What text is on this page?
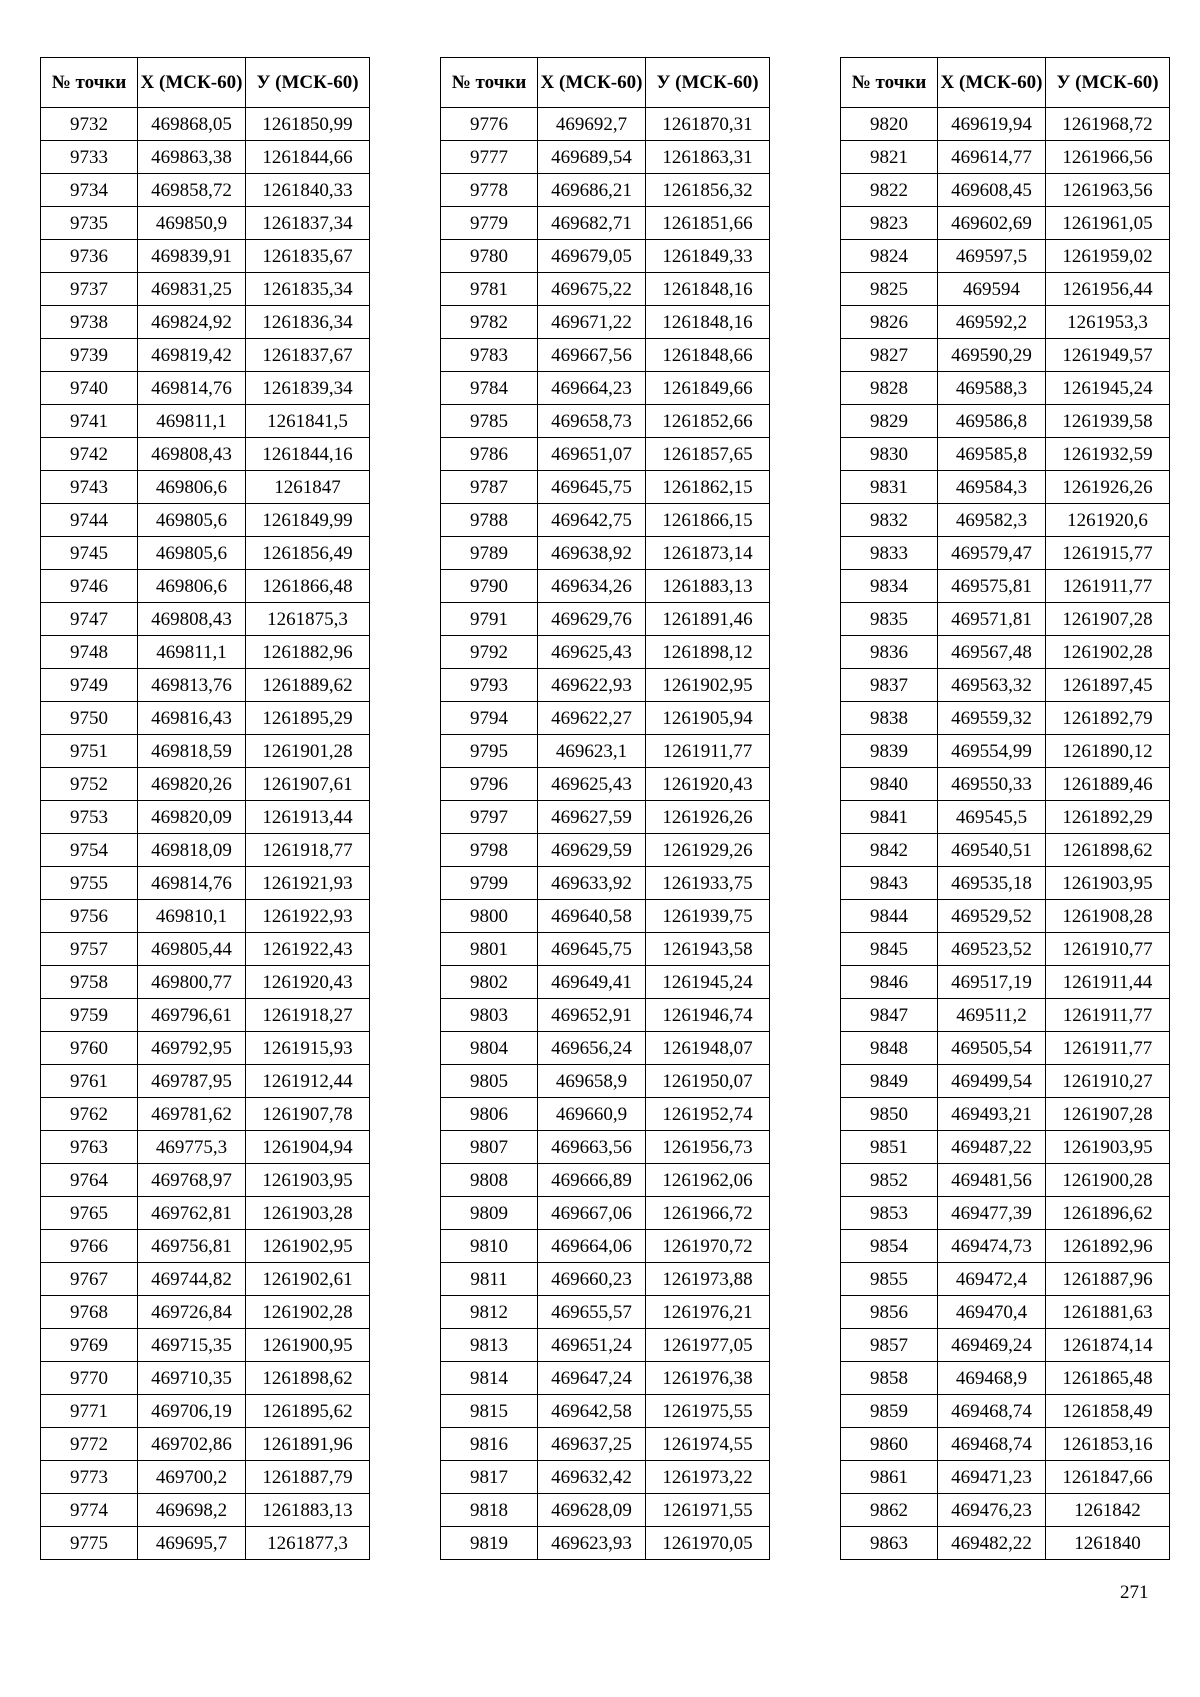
№ точки	Х (МСК-60)	У (МСК-60)
9732	469868,05	1261850,99
9733	469863,38	1261844,66
9734	469858,72	1261840,33
9735	469850,9	1261837,34
9736	469839,91	1261835,67
9737	469831,25	1261835,34
9738	469824,92	1261836,34
9739	469819,42	1261837,67
9740	469814,76	1261839,34
9741	469811,1	1261841,5
9742	469808,43	1261844,16
9743	469806,6	1261847
9744	469805,6	1261849,99
9745	469805,6	1261856,49
9746	469806,6	1261866,48
9747	469808,43	1261875,3
9748	469811,1	1261882,96
9749	469813,76	1261889,62
9750	469816,43	1261895,29
9751	469818,59	1261901,28
9752	469820,26	1261907,61
9753	469820,09	1261913,44
9754	469818,09	1261918,77
9755	469814,76	1261921,93
9756	469810,1	1261922,93
9757	469805,44	1261922,43
9758	469800,77	1261920,43
9759	469796,61	1261918,27
9760	469792,95	1261915,93
9761	469787,95	1261912,44
9762	469781,62	1261907,78
9763	469775,3	1261904,94
9764	469768,97	1261903,95
9765	469762,81	1261903,28
9766	469756,81	1261902,95
9767	469744,82	1261902,61
9768	469726,84	1261902,28
9769	469715,35	1261900,95
9770	469710,35	1261898,62
9771	469706,19	1261895,62
9772	469702,86	1261891,96
9773	469700,2	1261887,79
9774	469698,2	1261883,13
9775	469695,7	1261877,3
№ точки	Х (МСК-60)	У (МСК-60)
9776	469692,7	1261870,31
9777	469689,54	1261863,31
9778	469686,21	1261856,32
9779	469682,71	1261851,66
9780	469679,05	1261849,33
9781	469675,22	1261848,16
9782	469671,22	1261848,16
9783	469667,56	1261848,66
9784	469664,23	1261849,66
9785	469658,73	1261852,66
9786	469651,07	1261857,65
9787	469645,75	1261862,15
9788	469642,75	1261866,15
9789	469638,92	1261873,14
9790	469634,26	1261883,13
9791	469629,76	1261891,46
9792	469625,43	1261898,12
9793	469622,93	1261902,95
9794	469622,27	1261905,94
9795	469623,1	1261911,77
9796	469625,43	1261920,43
9797	469627,59	1261926,26
9798	469629,59	1261929,26
9799	469633,92	1261933,75
9800	469640,58	1261939,75
9801	469645,75	1261943,58
9802	469649,41	1261945,24
9803	469652,91	1261946,74
9804	469656,24	1261948,07
9805	469658,9	1261950,07
9806	469660,9	1261952,74
9807	469663,56	1261956,73
9808	469666,89	1261962,06
9809	469667,06	1261966,72
9810	469664,06	1261970,72
9811	469660,23	1261973,88
9812	469655,57	1261976,21
9813	469651,24	1261977,05
9814	469647,24	1261976,38
9815	469642,58	1261975,55
9816	469637,25	1261974,55
9817	469632,42	1261973,22
9818	469628,09	1261971,55
9819	469623,93	1261970,05
№ точки	Х (МСК-60)	У (МСК-60)
9820	469619,94	1261968,72
9821	469614,77	1261966,56
9822	469608,45	1261963,56
9823	469602,69	1261961,05
9824	469597,5	1261959,02
9825	469594	1261956,44
9826	469592,2	1261953,3
9827	469590,29	1261949,57
9828	469588,3	1261945,24
9829	469586,8	1261939,58
9830	469585,8	1261932,59
9831	469584,3	1261926,26
9832	469582,3	1261920,6
9833	469579,47	1261915,77
9834	469575,81	1261911,77
9835	469571,81	1261907,28
9836	469567,48	1261902,28
9837	469563,32	1261897,45
9838	469559,32	1261892,79
9839	469554,99	1261890,12
9840	469550,33	1261889,46
9841	469545,5	1261892,29
9842	469540,51	1261898,62
9843	469535,18	1261903,95
9844	469529,52	1261908,28
9845	469523,52	1261910,77
9846	469517,19	1261911,44
9847	469511,2	1261911,77
9848	469505,54	1261911,77
9849	469499,54	1261910,27
9850	469493,21	1261907,28
9851	469487,22	1261903,95
9852	469481,56	1261900,28
9853	469477,39	1261896,62
9854	469474,73	1261892,96
9855	469472,4	1261887,96
9856	469470,4	1261881,63
9857	469469,24	1261874,14
9858	469468,9	1261865,48
9859	469468,74	1261858,49
9860	469468,74	1261853,16
9861	469471,23	1261847,66
9862	469476,23	1261842
9863	469482,22	1261840
271
